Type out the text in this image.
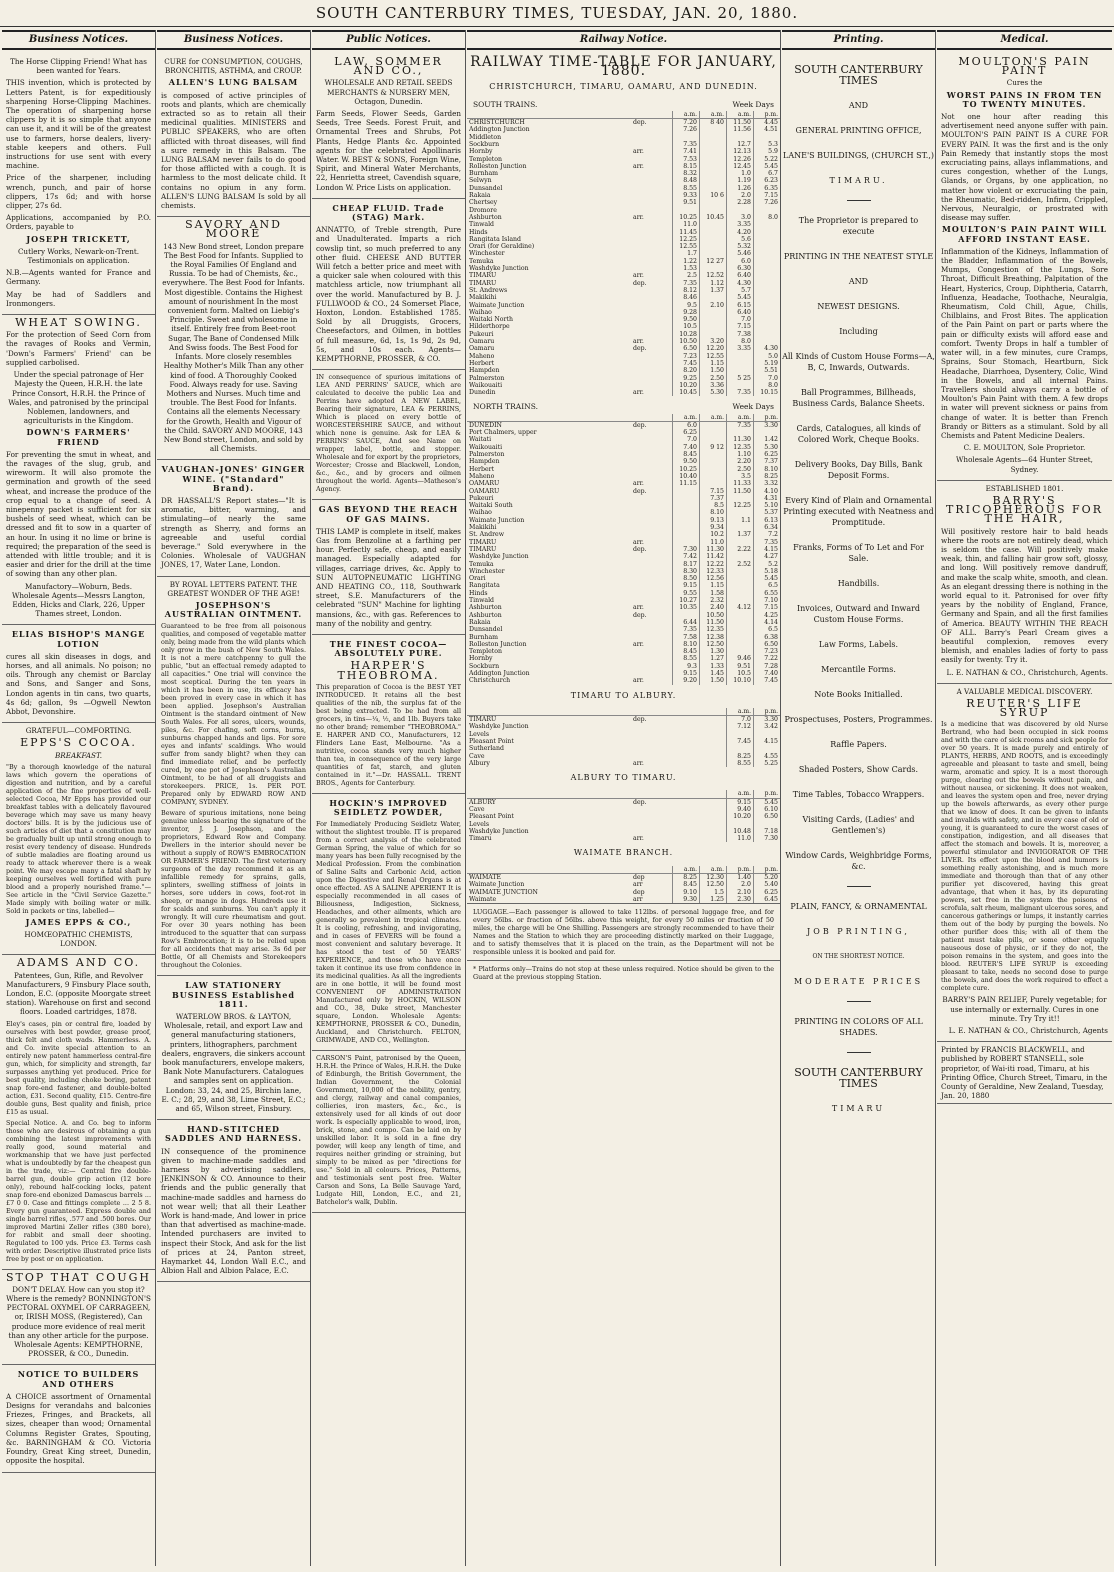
SOUTH CANTERBURY TIMES, TUESDAY, JAN. 20, 1880.
Business Notices.

The Horse Clipping Friend! What has been wanted for Years.

THIS invention, which is protected by Letters Patent, is for expeditiously sharpening Horse-Clipping Machines. The operation of sharpening horse clippers by it is so simple that anyone can use it, and it will be of the greatest use to farmers, horse dealers, livery-stable keepers and others. Full instructions for use sent with every machine.

Price of the sharpener, including wrench, punch, and pair of horse clippers, 17s 6d; and with horse clipper, 27s 6d.

Applications, accompanied by P.O. Orders, payable to

JOSEPH TRICKETT,

Cutlery Works, Newark-on-Trent. Testimonials on application.

N.B.—Agents wanted for France and Germany.

May be had of Saddlers and Ironmongers.

WHEAT SOWING.

For the protection of Seed Corn from the ravages of Rooks and Vermin, 'Down's Farmers' Friend' can be supplied carbolised.

Under the special patronage of Her Majesty the Queen, H.R.H. the late Prince Consort, H.R.H. the Prince of Wales, and patronised by the principal Noblemen, landowners, and agriculturists in the Kingdom.

DOWN'S FARMERS' FRIEND

For preventing the smut in wheat, and the ravages of the slug, grub, and wireworm. It will also promote the germination and growth of the seed wheat, and increase the produce of the crop equal to a change of seed. A ninepenny packet is sufficient for six bushels of seed wheat, which can be dressed and fit to sow in a quarter of an hour. In using it no lime or brine is required; the preparation of the seed is attended with little trouble; and it is easier and drier for the drill at the time of sowing than any other plan.

Manufactory—Woburn, Beds. Wholesale Agents—Messrs Langton, Edden, Hicks and Clark, 226, Upper Thames street, London.

ELIAS BISHOP'S MANGE LOTION

cures all skin diseases in dogs, and horses, and all animals. No poison; no oils. Through any chemist or Barclay and Sons, and Sanger and Sons, London agents in tin cans, two quarts, 4s 6d; gallon, 9s —Ogwell Newton Abbot, Devonshire.

GRATEFUL—COMFORTING.

EPPS'S COCOA.

BREAKFAST.

"By a thorough knowledge of the natural laws which govern the operations of digestion and nutrition, and by a careful application of the fine properties of well-selected Cocoa, Mr Epps has provided our breakfast tables with a delicately flavoured beverage which may save us many heavy doctors' bills. It is by the judicious use of such articles of diet that a constitution may be gradually built up until strong enough to resist every tendency of disease. Hundreds of subtle maladies are floating around us ready to attack wherever there is a weak point. We may escape many a fatal shaft by keeping ourselves well fortified with pure blood and a properly nourished frame."— See article in the "Civil Service Gazette." Made simply with boiling water or milk. Sold in packets or tins, labelled—

JAMES EPPS & CO.,

HOMŒOPATHIC CHEMISTS, LONDON.

ADAMS AND CO.

Patentees, Gun, Rifle, and Revolver Manufacturers, 9 Finsbury Place south, London, E.C. (opposite Moorgate street station). Warehouse on first and second floors. Loaded cartridges, 1878.

Eley's cases, pin or central fire, loaded by ourselves with best powder, grease proof, thick felt and cloth wads. Hammerless. A. and Co. invite special attention to an entirely new patent hammerless central-fire gun, which, for simplicity and strength, far surpasses anything yet produced. Price for best quality, including choke boring, patent snap fore-end fastener, and double-bolted action, £31. Second quality, £15. Centre-fire double guns, Best quality and finish, price £15 as usual.

Special Notice. A. and Co. beg to inform those who are desirous of obtaining a gun combining the latest improvements with really good, sound material and workmanship that we have just perfected what is undoubtedly by far the cheapest gun in the trade, viz:— Central fire double-barrel gun, double grip action (12 bore only), rebound half-cocking locks, patent snap fore-end ebonized Damascus barrels ... £7 0 0. Case and fittings complete ... 2 5 8. Every gun guaranteed. Express double and single barrel rifles, .577 and .500 bores. Our improved Martini Zeller rifles (380 bore), for rabbit and small deer shooting. Regulated to 100 yds. Price £3. Terms cash with order. Descriptive illustrated price lists free by post or on application.

STOP THAT COUGH

DON'T DELAY. How can you stop it? Where is the remedy? BONNINGTON'S PECTORAL OXYMEL OF CARRAGEEN, or, IRISH MOSS, (Registered), Can produce more evidence of real merit than any other article for the purpose. Wholesale Agents: KEMPTHORNE, PROSSER, & CO., Dunedin.

NOTICE TO BUILDERS AND OTHERS

A CHOICE assortment of Ornamental Designs for verandahs and balconies Friezes, Fringes, and Brackets, all sizes, cheaper than wood; Ornamental Columns Register Grates, Spouting, &c. BARNINGHAM & CO. Victoria Foundry, Great King street, Dunedin, opposite the hospital.

Business Notices.

CURE for CONSUMPTION, COUGHS, BRONCHITIS, ASTHMA, and CROUP.

ALLEN'S LUNG BALSAM

is composed of active principles of roots and plants, which are chemically extracted so as to retain all their medicinal qualities. MINISTERS and PUBLIC SPEAKERS, who are often afflicted with throat diseases, will find a sure remedy in this Balsam. The LUNG BALSAM never fails to do good for those afflicted with a cough. It is harmless to the most delicate child. It contains no opium in any form. ALLEN'S LUNG BALSAM Is sold by all chemists.

SAVORY AND MOORE

143 New Bond street, London prepare The Best Food for Infants. Supplied to the Royal Families Of England and Russia. To be had of Chemists, &c., everywhere. The Best Food for Infants. Most digestible. Contains the Highest amount of nourishment In the most convenient form. Malted on Liebig's Principle. Sweet and wholesome in itself. Entirely free from Beet-root Sugar, The Bane of Condensed Milk And Swiss foods. The Best Food for Infants. More closely resembles Healthy Mother's Milk Than any other kind of food. A Thoroughly Cooked Food. Always ready for use. Saving Mothers and Nurses. Much time and trouble. The Best Food for Infants. Contains all the elements Necessary for the Growth, Health and Vigour of the Child. SAVORY AND MOORE, 143 New Bond street, London, and sold by all Chemists.

VAUGHAN-JONES' GINGER WINE. ("Standard" Brand).

DR HASSALL'S Report states—"It is aromatic, bitter, warming, and stimulating—of nearly the same strength as Sherry, and forms an agreeable and useful cordial beverage." Sold everywhere in the Colonies. Wholesale of VAUGHAN JONES, 17, Water Lane, London.

BY ROYAL LETTERS PATENT. THE GREATEST WONDER OF THE AGE!

JOSEPHSON'S AUSTRALIAN OINTMENT.

Guaranteed to be free from all poisonous qualities, and composed of vegetable matter only, being made from the wild plants which only grow in the bush of New South Wales. It is not a mere catchpenny to gull the public, "but an effectual remedy adapted to all capacities." One trial will convince the most sceptical. During the ten years in which it has been in use, its efficacy has been proved in every case in which it has been applied. Josephson's Australian Ointment is the standard ointment of New South Wales. For all sores, ulcers, wounds, piles, &c. For chafing, soft corns, burns, sunburns chapped hands and lips. For sore eyes and infants' scaldings. Who would suffer from sandy blight? when they can find immediate relief, and be perfectly cured, by one pot of Josephson's Australian Ointment, to be had of all druggists and storekeepers. PRICE, 1s. PER POT. Prepared only by EDWARD ROW AND COMPANY, SYDNEY.

Beware of spurious imitations, none being genuine unless bearing the signature of the inventor, J. J. Josephson, and the proprietors, Edward Row and Company. Dwellers in the interior should never be without a supply of ROW'S EMBROCATION OR FARMER'S FRIEND. The first veterinary surgeons of the day recommend it as an infallible remedy for sprains, galls, splinters, swelling stiffness of joints in horses, sore udders in cows, foot-rot in sheep, or mange in dogs. Hundreds use it for scalds and sunburns. You can't apply it wrongly. It will cure rheumatism and gout. For over 30 years nothing has been introduced to the squatter that can surpass Row's Embrocation; it is to be relied upon for all accidents that may arise. 3s 6d per Bottle, Of all Chemists and Storekeepers throughout the Colonies.

LAW STATIONERY BUSINESS Established 1811.

WATERLOW BROS. & LAYTON, Wholesale, retail, and export Law and general manufacturing stationers, printers, lithographers, parchment dealers, engravers, die sinkers account book manufacturers, envelope makers, Bank Note Manufacturers. Catalogues and samples sent on application. London: 33, 24, and 25, Birchin lane, E. C.; 28, 29, and 38, Lime Street, E.C.; and 65, Wilson street, Finsbury.

HAND-STITCHED SADDLES AND HARNESS.

IN consequence of the prominence given to machine-made saddles and harness by advertising saddlers, JENKINSON & CO. Announce to their friends and the public generally that machine-made saddles and harness do not wear well; that all their Leather Work is hand-made, And lower in price than that advertised as machine-made. Intended purchasers are invited to inspect their Stock, And ask for the list of prices at 24, Panton street, Haymarket 44, London Wall E.C., and Albion Hall and Albion Palace, E.C.

Public Notices.

LAW, SOMMER AND CO.,

WHOLESALE AND RETAIL SEEDS MERCHANTS & NURSERY MEN, Octagon, Dunedin.

Farm Seeds, Flower Seeds, Garden Seeds, Tree Seeds. Forest Fruit, and Ornamental Trees and Shrubs, Pot Plants, Hedge Plants &c. Appointed agents for the celebrated Apollinaris Water. W. BEST & SONS, Foreign Wine, Spirit, and Mineral Water Merchants, 22, Henrietta street, Cavendish square, London W. Price Lists on application.

CHEAP FLUID. Trade (STAG) Mark.

ANNATTO, of Treble strength, Pure and Unadulterated. Imparts a rich cowslip tint, so much preferred to any other fluid. CHEESE AND BUTTER Will fetch a better price and meet with a quicker sale when coloured with this matchless article, now triumphant all over the world. Manufactured by B. J. FULLWOOD & CO., 24 Somerset Place, Hoxton, London. Established 1785. Sold by all Druggists, Grocers, Cheesefactors, and Oilmen, in bottles of full measure, 6d, 1s, 1s 9d, 2s 9d, 5s, and 10s each. Agents— KEMPTHORNE, PROSSER, & CO.

IN consequence of spurious imitations of LEA AND PERRINS' SAUCE, which are calculated to deceive the public Lea and Perrins have adopted A NEW LABEL, Bearing their signature, LEA & PERRINS, Which is placed on every bottle of WORCESTERSHIRE SAUCE, and without which none is genuine. Ask for LEA & PERRINS' SAUCE, And see Name on wrapper, label, bottle, and stopper. Wholesale and for export by the proprietors, Worcester; Crosse and Blackwell, London, &c., &c., and by grocers and oilmen throughout the world. Agents—Matheson's Agency.

GAS BEYOND THE REACH OF GAS MAINS.

THIS LAMP is complete in itself, makes Gas from Benzoline at a farthing per hour. Perfectly safe, cheap, and easily managed. Especially adapted for villages, carriage drives, &c. Apply to SUN AUTOPNEUMATIC LIGHTING AND HEATING CO., 118, Southwark street, S.E. Manufacturers of the celebrated "SUN" Machine for lighting mansions, &c., with gas. References to many of the nobility and gentry.

THE FINEST COCOA—ABSOLUTELY PURE.

HARPER'S THEOBROMA.

This preparation of Cocoa is the BEST YET INTRODUCED. It retains all the best qualities of the nib, the surplus fat of the best being extracted. To be had from all grocers, in tins—¼, ½, and 1lb. Buyers take no other brand; remember "THEOBROMA." E. HARPER AND CO., Manufacturers, 12 Flinders Lane East, Melbourne. "As a nutritive, cocoa stands very much higher than tea, in consequence of the very large quantities of fat, starch, and gluten contained in it."—Dr. HASSALL. TRENT BROS., Agents for Canterbury.

HOCKIN'S IMPROVED SEIDLETZ POWDER,

For Immediately Producing Seidletz Water, without the slightest trouble. IT is prepared from a correct analysis of the celebrated German Spring, the value of which for so many years has been fully recognised by the Medical Profession. From the combination of Saline Salts and Carbonic Acid, action upon the Digestive and Renal Organs is at once effected. AS A SALINE APERIENT It is especially recommended in all cases of Biliousness, Indigestion, Sickness, Headaches, and other ailments, which are generally so prevalent in tropical climates. It is cooling, refreshing, and invigorating, and in cases of FEVERS will be found a most convenient and salutary beverage. It has stood the test of 50 YEARS' EXPERIENCE, and those who have once taken it continue its use from confidence in its medicinal qualities. As all the ingredients are in one bottle, it will be found most CONVENIENT OF ADMINISTRATION Manufactured only by HOCKIN, WILSON and CO., 38, Duke street, Manchester square, London. Wholesale Agents: KEMPTHORNE, PROSSER & CO., Dunedin, Auckland, and Christchurch. FELTON, GRIMWADE, AND CO., Wellington.

CARSON'S Paint, patronised by the Queen, H.R.H. the Prince of Wales, H.R.H. the Duke of Edinburgh, the British Government, the Indian Government, the Colonial Government, 10,000 of the nobility, gentry, and clergy, railway and canal companies, collieries, iron masters, &c., &c., is extensively used for all kinds of out door work. Is especially applicable to wood, iron, brick, stone, and compo. Can be laid on by unskilled labor. It is sold in a fine dry powder, will keep any length of time, and requires neither grinding or straining, but simply to be mixed as per "directions for use." Sold in all colours. Prices, Patterns, and testimonials sent post free. Walter Carson and Sons, La Belle Sauvage Yard, Ludgate Hill, London, E.C., and 21, Batchelor's walk, Dublin.

Railway Notice.
RAILWAY TIME-TABLE FOR JANUARY, 1880.
CHRISTCHURCH, TIMARU, OAMARU, AND DUNEDIN.
SOUTH TRAINS.	Week Days
		a.m.	a.m.	a.m.	p.m.
CHRISTCHURCH	dep.	7.20	8 40	11.50	4.45
Addington Junction		7.26		11.56	4.51
Middleton					
Sockburn		7.35		12.7	5.3
Hornby	arr.	7.41		12.13	5.9
Templeton		7.53		12.26	5.22
Rolleston Junction	arr.	8.15		12.45	5.45
Burnham		8.32		1.0	6.7
Selwyn		8.48		1.19	6.23
Dunsandel		8.55		1.26	6.35
Rakaia		9.33	10 6	2.0	7.15
Chertsey		9.51		2.28	7.26
Dromore					
Ashburton	arr.	10.25	10.45	3.0	8.0
Tinwald		11.0		3.35	
Hinds		11.45		4.20	
Rangitata Island		12.25		5.6	
Orari (for Geraldine)		12.55		5.32	
Winchester		1.7		5.46	
Temuka		1.22	12 27	6.0	
Washdyke Junction		1.53		6.30	
TIMARU	arr.	2.5	12.52	6.40	
TIMARU	dep.	7.35	1.12	4.30	
St. Andrews		8.12	1.37	5.7	
Makikihi		8.46		5.45	
Waimate Junction		9.5	2.10	6.15	
Waihao		9.28		6.40	
Waitaki North		9.50		7.0	
Hilderthorpe		10.5		7.15	
Pukeuri		10.28		7.38	
Oamaru	arr.	10.50	3.20	8.0	
Oamaru	dep.	6.50	12.20	3.35	4.30
Maheno		7.23	12.55		5.0
Herbert		7.45	1.15		5.19
Hampden		8.20	1.50		5.51
Palmerston		9.25	2.50	5 25	7.0
Waikouaiti		10.20	3.36		8.0
Dunedin	arr.	10.45	5.30	7.35	10.15
NORTH TRAINS.	Week Days
		a.m.	a.m.	a.m.	p.m.
DUNEDIN	dep.	6.0		7.35	3.30
Port Chalmers, upper		6.25			
Waitati		7.0		11.30	1.42
Waikouaiti		7.40	9 12	12.35	5.30
Palmerston		8.45		1.10	6.25
Hampden		9.50		2.20	7.37
Herbert		10.25		2.50	8.10
Maheno		10.40		3.5	8.25
OAMARU	arr.	11.15		11.33	3.32
OAMARU	dep.		7.15	11.50	4.10
Pukeuri			7.37		4.31
Waitaki South			8.5	12.25	5.10
Waihao			8.10		5.37
Waimate Junction			9.13	1.1	6.13
Makikihi			9.34		6.34
St. Andrew			10.2	1.37	7.2
TIMARU	arr.		11.0		7.35
TIMARU	dep.	7.30	11.30	2.22	4.15
Washdyke Junction		7.42	11.42		4.27
Temuka		8.17	12.22	2.52	5.2
Winchester		8.30	12.33		5.18
Orari		8.50	12.56		5.45
Rangitata		9.15	1.15		6.5
Hinds		9.55	1.58		6.55
Tinwald		10.27	2.32		7.10
Ashburton	arr.	10.35	2.40	4.12	7.15
Ashburton	dep.		10.50		4.25
Rakaia		6.44	11.50		4.14
Dunsandel		7.35	12.35		6.5
Burnham		7.58	12.38		6.38
Rolleston Junction	arr.	8.10	12.50		6.50
Templeton		8.45	1.30		7.23
Hornby		8.55	1.27	9.46	7.22
Sockburn		9.3	1.33	9.51	7.28
Addington Junction		9.15	1.45	10.5	7.40
Christchurch	arr.	9.20	1.50	10.10	7.45
TIMARU TO ALBURY.
		a.m.	p.m.
TIMARU	dep.	7.0	3.30
Washdyke Junction		7.12	3.42
Levels			
Pleasant Point		7.45	4.15
Sutherland			
Cave		8.25	4.55
Albury	arr.	8.55	5.25
ALBURY TO TIMARU.
		a.m.	p.m.
ALBURY	dep.	9.15	5.45
Cave		9.40	6.10
Pleasant Point		10.20	6.50
Levels			
Washdyke Junction		10.48	7.18
Timaru	arr.	11.0	7.30
WAIMATE BRANCH.
		a.m.	a.m.	p.m.	p.m.
WAIMATE	dep	8.25	12.30	1.40	5.20
Waimate Junction	arr	8.45	12.50	2.0	5.40
WAIMATE JUNCTION	dep	9.10	1.5	2.10	6.25
Waimate	arr	9.30	1.25	2.30	6.45
LUGGAGE.—Each passenger is allowed to take 112lbs. of personal luggage free, and for every 56lbs. or fraction of 56lbs. above this weight, for every 50 miles or fraction of 50 miles, the charge will be One Shilling. Passengers are strongly recommended to have their Names and the Station to which they are proceeding distinctly marked on their Luggage, and to satisfy themselves that it is placed on the train, as the Department will not be responsible unless it is booked and paid for.
* Platforms only—Trains do not stop at these unless required. Notice should be given to the Guard at the previous stopping Station.
Printing.
SOUTH CANTERBURY TIMES
AND
GENERAL PRINTING OFFICE,
LANE'S BUILDINGS, (CHURCH ST.,)
TIMARU.
The Proprietor is prepared to execute
PRINTING IN THE NEATEST STYLE
AND
NEWEST DESIGNS.
Including
All Kinds of Custom House Forms—A, B, C, Inwards, Outwards.
Ball Programmes, Billheads, Business Cards, Balance Sheets.
Cards, Catalogues, all kinds of Colored Work, Cheque Books.
Delivery Books, Day Bills, Bank Deposit Forms.
Every Kind of Plain and Ornamental Printing executed with Neatness and Promptitude.
Franks, Forms of To Let and For Sale.
Handbills.
Invoices, Outward and Inward Custom House Forms.
Law Forms, Labels.
Mercantile Forms.
Note Books Initialled.
Prospectuses, Posters, Programmes.
Raffle Papers.
Shaded Posters, Show Cards.
Time Tables, Tobacco Wrappers.
Visiting Cards, (Ladies' and Gentlemen's)
Window Cards, Weighbridge Forms, &c.
PLAIN, FANCY, & ORNAMENTAL
JOB PRINTING,
ON THE SHORTEST NOTICE.
MODERATE PRICES
PRINTING IN COLORS OF ALL SHADES.
SOUTH CANTERBURY TIMES
TIMARU
Medical.

MOULTON'S PAIN PAINT

Cures the

WORST PAINS IN FROM TEN TO TWENTY MINUTES.

Not one hour after reading this advertisement need anyone suffer with pain. MOULTON'S PAIN PAINT IS A CURE FOR EVERY PAIN. It was the first and is the only Pain Remedy that instantly stops the most excruciating pains, allays inflammations, and cures congestion, whether of the Lungs, Glands, or Organs, by one application, no matter how violent or excruciating the pain, the Rheumatic, Bed-ridden, Infirm, Crippled, Nervous, Neuralgic, or prostrated with disease may suffer.

MOULTON'S PAIN PAINT WILL AFFORD INSTANT EASE.

Inflammation of the Kidneys, Inflammation of the Bladder, Inflammation of the Bowels, Mumps, Congestion of the Lungs, Sore Throat, Difficult Breathing, Palpitation of the Heart, Hysterics, Croup, Diphtheria, Catarrh, Influenza, Headache, Toothache, Neuralgia, Rheumatism, Cold Chill, Ague, Chills, Chilblains, and Frost Bites. The application of the Pain Paint on part or parts where the pain or difficulty exists will afford ease and comfort. Twenty Drops in half a tumbler of water will, in a few minutes, cure Cramps, Sprains, Sour Stomach, Heartburn, Sick Headache, Diarrhoea, Dysentery, Colic, Wind in the Bowels, and all internal Pains. Travellers should always carry a bottle of Moulton's Pain Paint with them. A few drops in water will prevent sickness or pains from change of water. It is better than French Brandy or Bitters as a stimulant. Sold by all Chemists and Patent Medicine Dealers.

C. E. MOULTON, Sole Proprietor.

Wholesale Agents—64 Hunter Street, Sydney.

ESTABLISHED 1801.

BARRY'S TRICOPHEROUS FOR THE HAIR,

Will positively restore hair to bald heads where the roots are not entirely dead, which is seldom the case. Will positively make weak, thin, and falling hair grow soft, glossy, and long. Will positively remove dandruff, and make the scalp white, smooth, and clean. As an elegant dressing there is nothing in the world equal to it. Patronised for over fifty years by the nobility of England, France, Germany and Spain, and all the first families of America. BEAUTY WITHIN THE REACH OF ALL. Barry's Pearl Cream gives a beautiful complexion, removes every blemish, and enables ladies of forty to pass easily for twenty. Try it.

L. E. NATHAN & CO., Christchurch, Agents.

A VALUABLE MEDICAL DISCOVERY.

REUTER'S LIFE SYRUP

Is a medicine that was discovered by old Nurse Bertrand, who had been occupied in sick rooms and with the care of sick rooms and sick people for over 50 years. It is made purely and entirely of PLANTS, HERBS, AND ROOTS, and is exceedingly agreeable and pleasant to taste and smell, being warm, aromatic and spicy. It is a most thorough purge, clearing out the bowels without pain, and without nausea, or sickening. It does not weaken, and leaves the system open and free, never drying up the bowels afterwards, as every other purge that we know of does. It can be given to infants and invalids with safety, and in every case of old or young, it is guaranteed to cure the worst cases of constipation, indigestion, and all diseases that affect the stomach and bowels. It is, moreover, a powerful stimulator and INVIGORATOR OF THE LIVER. Its effect upon the blood and humors is something really astonishing, and is much more immediate and thorough than that of any other purifier yet discovered, having this great advantage, that when it has, by its depurating powers, set free in the system the poisons of scrofula, salt rheum, malignant ulcerous sores, and cancerous gatherings or lumps, it instantly carries them out of the body by purging the bowels. No other purifier does this; with all of them the patient must take pills, or some other equally nauseous dose of physic, or if they do not, the poison remains in the system, and goes into the blood. REUTER'S LIFE SYRUP is exceeding pleasant to take, needs no second dose to purge the bowels, and does the work required to effect a complete cure.

BARRY'S PAIN RELIEF, Purely vegetable; for use internally or externally. Cures in one minute. Try Try it!!

L. E. NATHAN & CO., Christchurch, Agents

Printed by FRANCIS BLACKWELL, and published by ROBERT STANSELL, sole proprietor, of Wai-iti road, Timaru, at his Printing Office, Church Street, Timaru, in the County of Geraldine, New Zealand, Tuesday, Jan. 20, 1880
